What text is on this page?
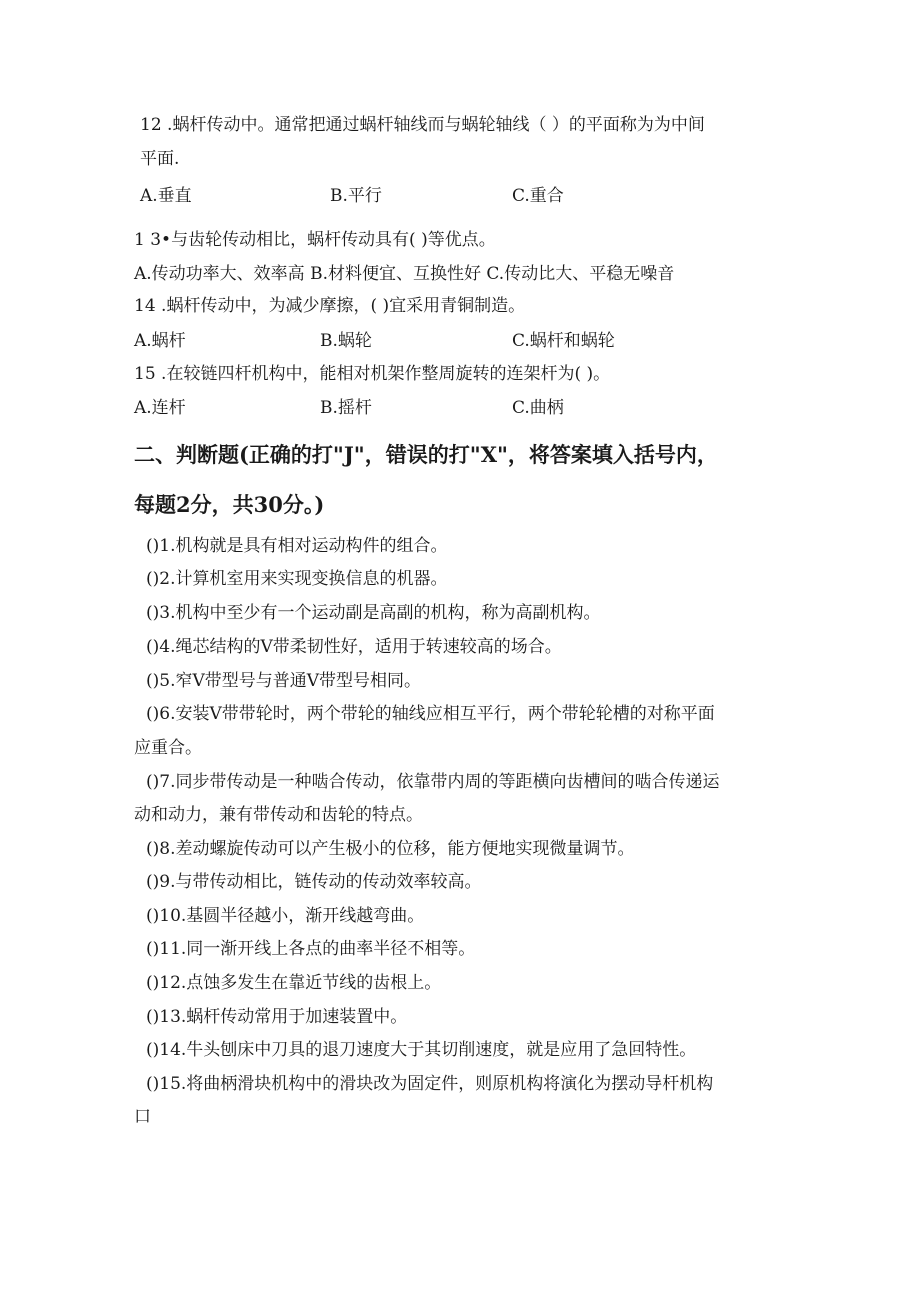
12 .蜗杆传动中。通常把通过蜗杆轴线而与蜗轮轴线（ ）的平面称为为中间
平面.
A.垂直	B.平行	C.重合
1 3•与齿轮传动相比，蜗杆传动具有( )等优点。
A.传动功率大、效率高 B.材料便宜、互换性好 C.传动比大、平稳无噪音
14 .蜗杆传动中，为减少摩擦，( )宜采用青铜制造。
A.蜗杆	B.蜗轮	C.蜗杆和蜗轮
15 .在较链四杆机构中，能相对机架作整周旋转的连架杆为( )。
A.连杆	B.摇杆	C.曲柄
二、判断题(正确的打"J"，错误的打"X"，将答案填入括号内，
每题2分，共30分。)
()1.机构就是具有相对运动构件的组合。
()2.计算机室用来实现变换信息的机器。
()3.机构中至少有一个运动副是高副的机构，称为高副机构。
()4.绳芯结构的V带柔韧性好，适用于转速较高的场合。
()5.窄V带型号与普通V带型号相同。
()6.安装V带带轮时，两个带轮的轴线应相互平行，两个带轮轮槽的对称平面
应重合。
()7.同步带传动是一种啮合传动，依靠带内周的等距横向齿槽间的啮合传递运
动和动力，兼有带传动和齿轮的特点。
()8.差动螺旋传动可以产生极小的位移，能方便地实现微量调节。
()9.与带传动相比，链传动的传动效率较高。
()10.基圆半径越小，渐开线越弯曲。
()11.同一渐开线上各点的曲率半径不相等。
()12.点蚀多发生在靠近节线的齿根上。
()13.蜗杆传动常用于加速装置中。
()14.牛头刨床中刀具的退刀速度大于其切削速度，就是应用了急回特性。
()15.将曲柄滑块机构中的滑块改为固定件，则原机构将演化为摆动导杆机构
口
